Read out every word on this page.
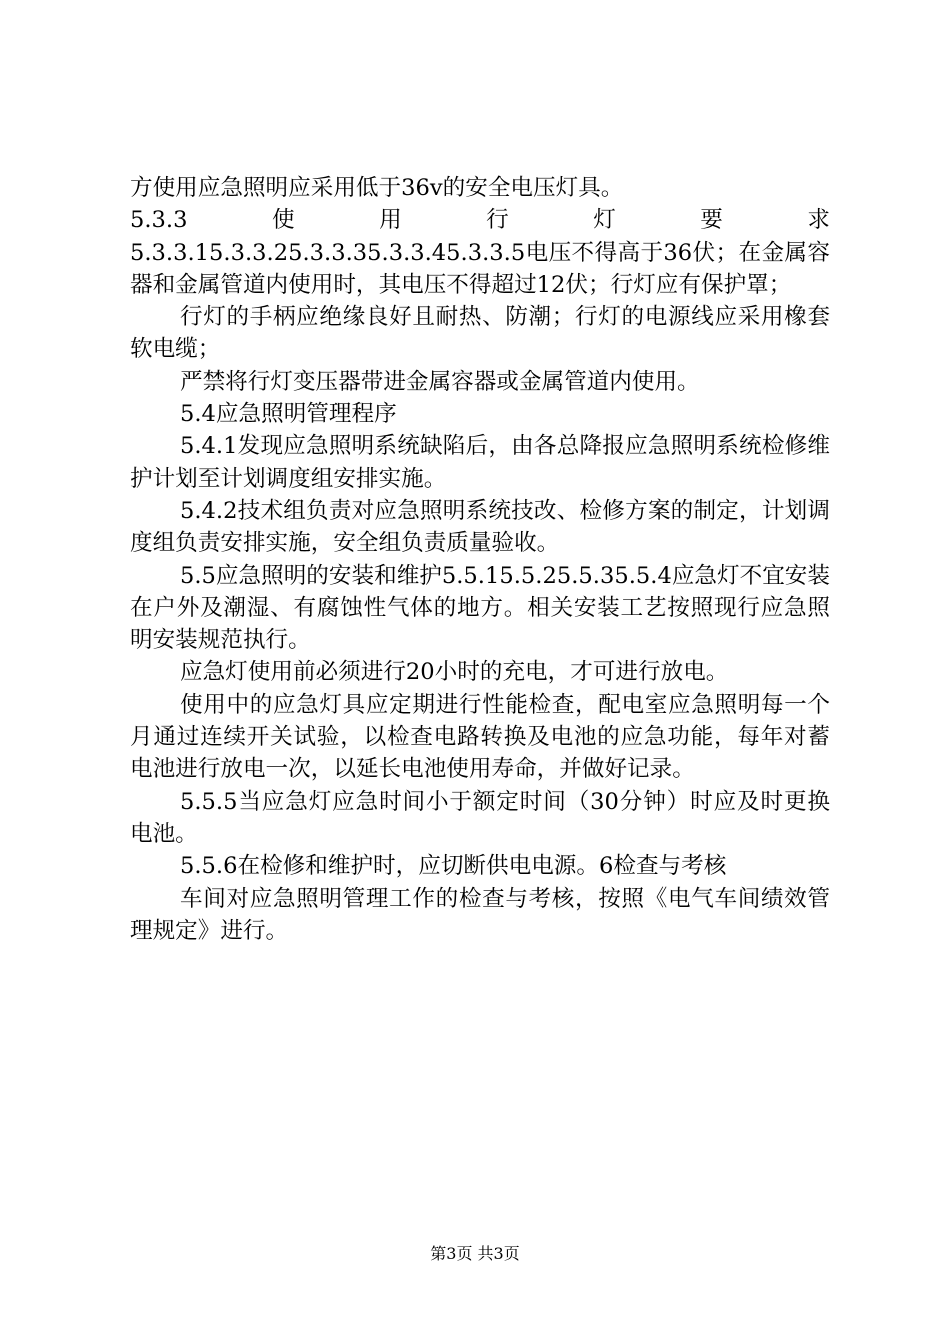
方使用应急照明应采用低于36v的安全电压灯具。

5.3.3	使	用	行	灯	要	求

5.3.3.15.3.3.25.3.3.35.3.3.45.3.3.5电压不得高于36伏；在金属容器和金属管道内使用时，其电压不得超过12伏；行灯应有保护罩；

行灯的手柄应绝缘良好且耐热、防潮；行灯的电源线应采用橡套软电缆；

严禁将行灯变压器带进金属容器或金属管道内使用。

5.4应急照明管理程序

5.4.1发现应急照明系统缺陷后，由各总降报应急照明系统检修维护计划至计划调度组安排实施。

5.4.2技术组负责对应急照明系统技改、检修方案的制定，计划调度组负责安排实施，安全组负责质量验收。

5.5应急照明的安装和维护5.5.15.5.25.5.35.5.4应急灯不宜安装在户外及潮湿、有腐蚀性气体的地方。相关安装工艺按照现行应急照明安装规范执行。

应急灯使用前必须进行20小时的充电，才可进行放电。

使用中的应急灯具应定期进行性能检查，配电室应急照明每一个月通过连续开关试验，以检查电路转换及电池的应急功能，每年对蓄电池进行放电一次，以延长电池使用寿命，并做好记录。

5.5.5当应急灯应急时间小于额定时间（30分钟）时应及时更换电池。

5.5.6在检修和维护时，应切断供电电源。6检查与考核

车间对应急照明管理工作的检查与考核，按照《电气车间绩效管理规定》进行。

第3页 共3页
